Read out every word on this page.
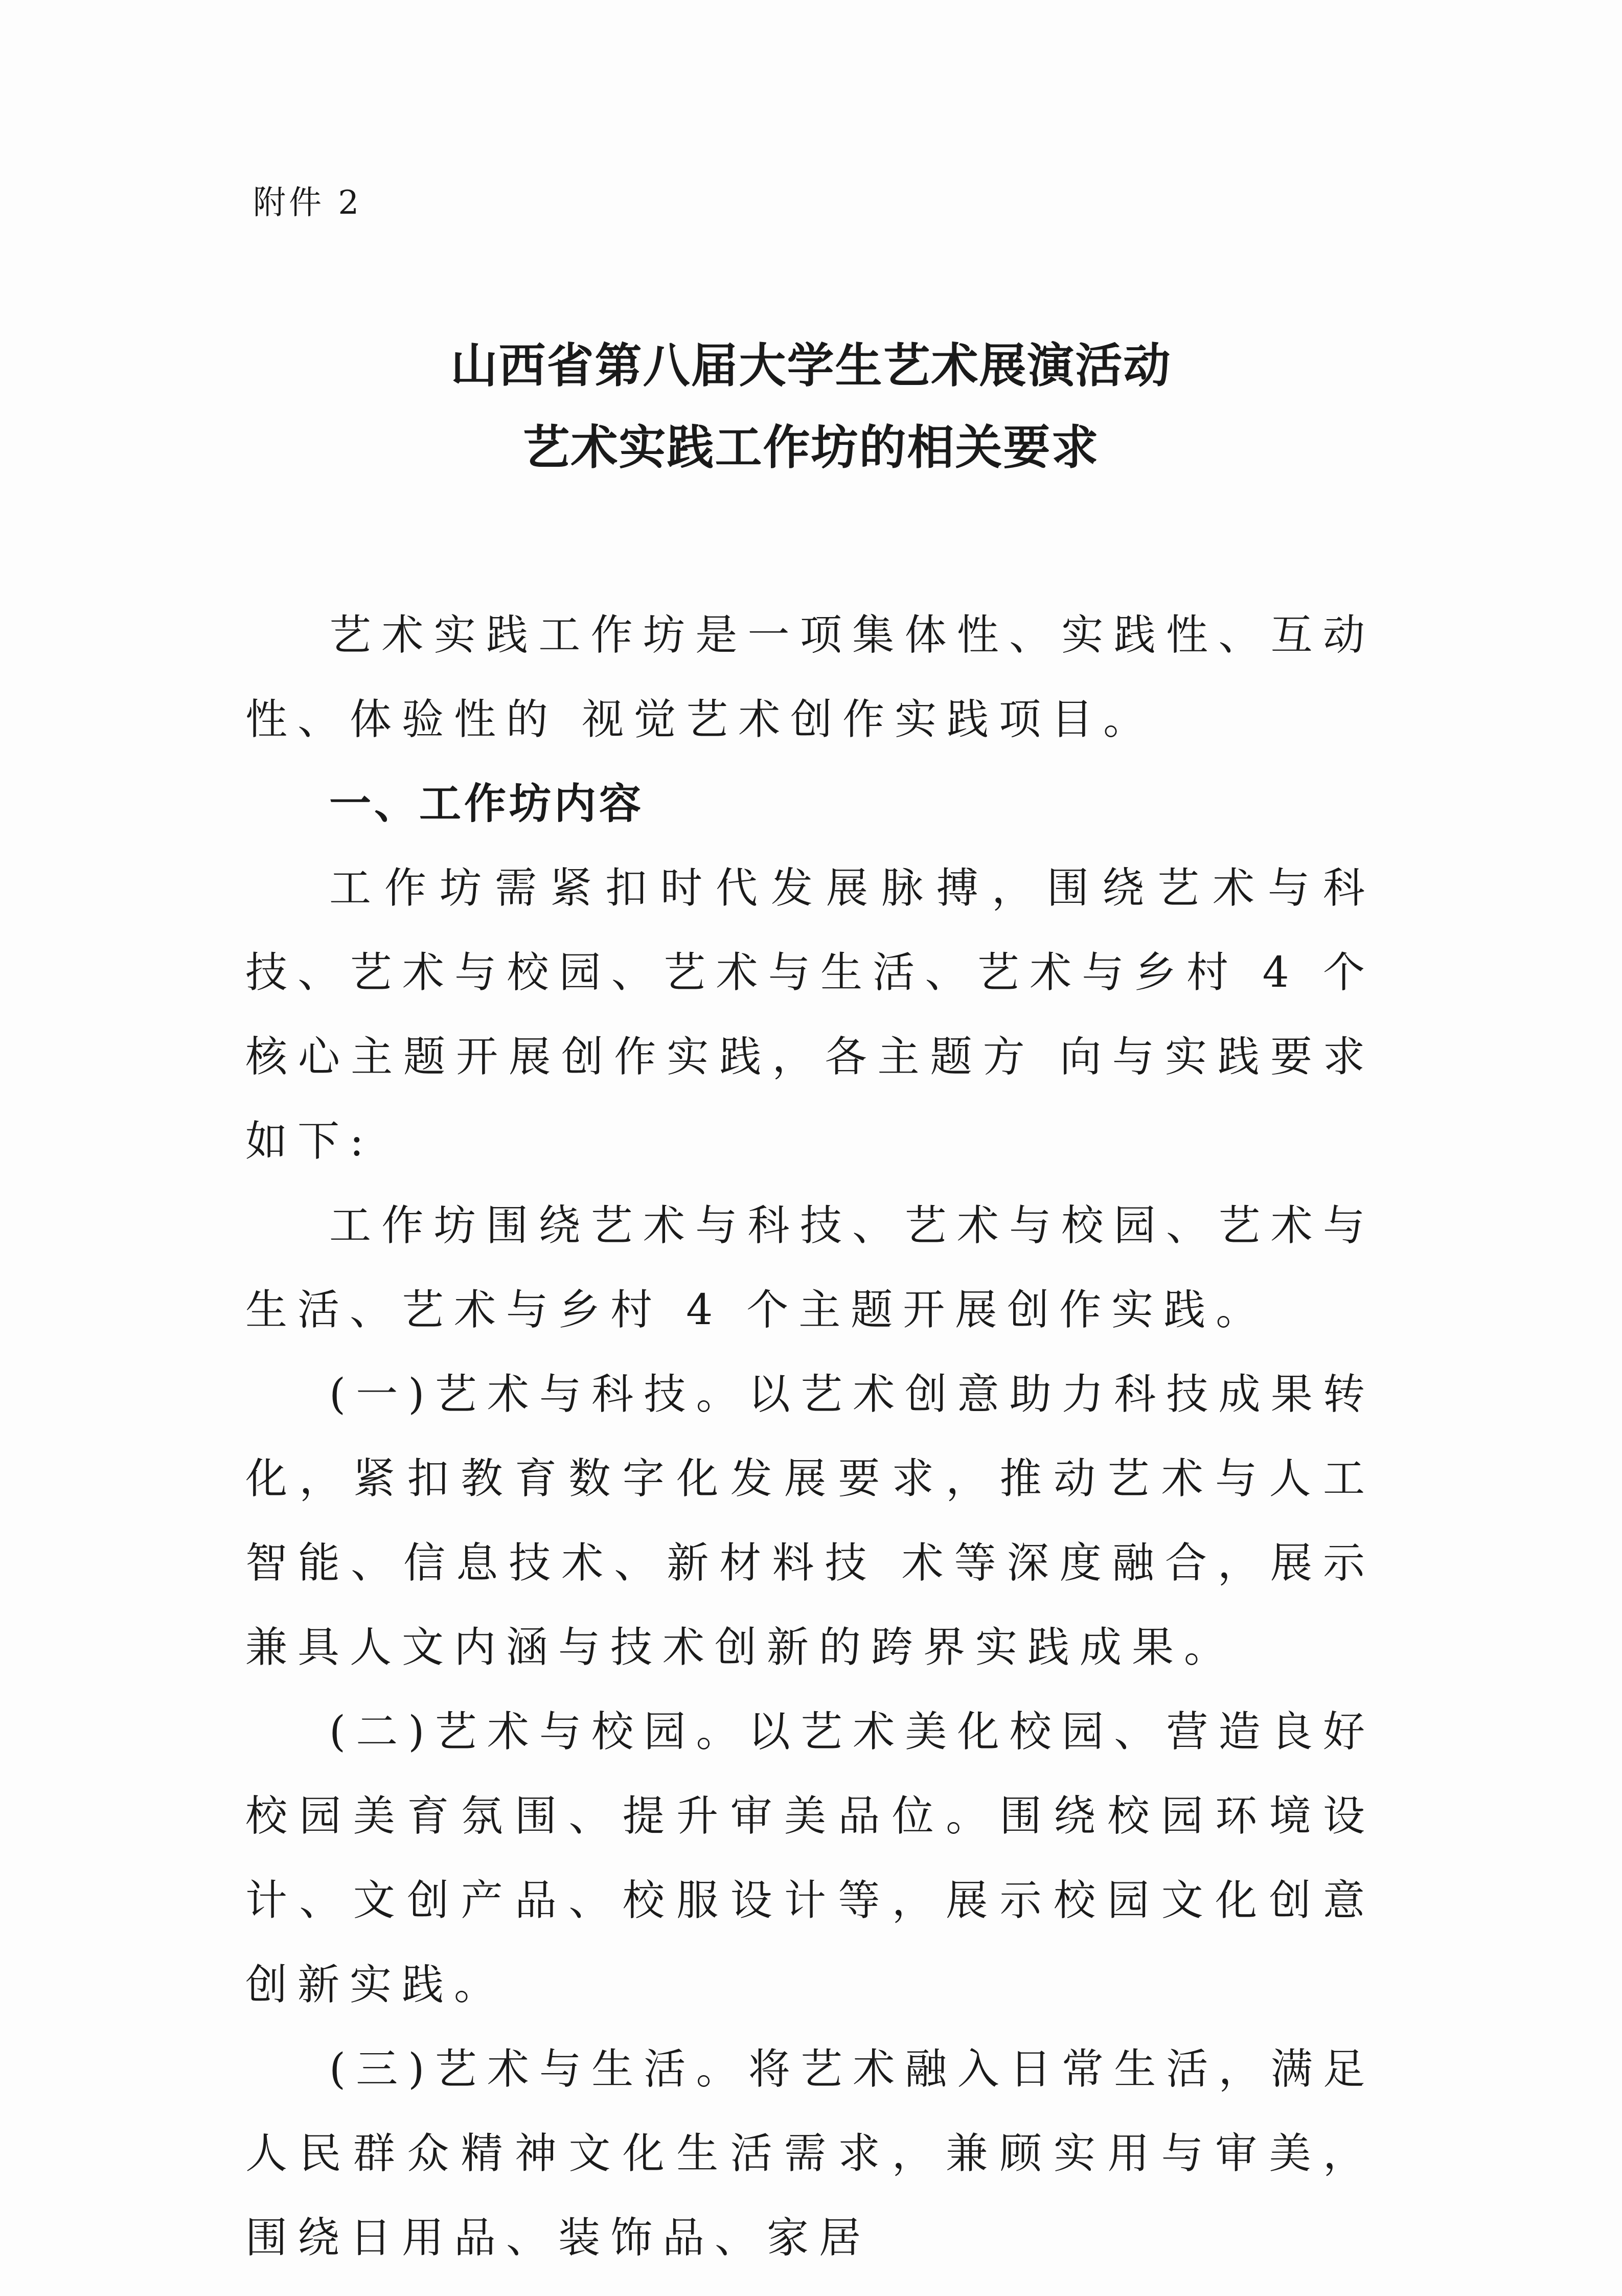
附件 2
山西省第八届大学生艺术展演活动
艺术实践工作坊的相关要求

艺术实践工作坊是一项集体性、实践性、互动性、体验性的 视觉艺术创作实践项目。

一、工作坊内容

工作坊需紧扣时代发展脉搏，围绕艺术与科技、艺术与校园、艺术与生活、艺术与乡村 4 个核心主题开展创作实践，各主题方 向与实践要求如下:

工作坊围绕艺术与科技、艺术与校园、艺术与生活、艺术与乡村 4 个主题开展创作实践。

(一)艺术与科技。以艺术创意助力科技成果转化，紧扣教育数字化发展要求，推动艺术与人工智能、信息技术、新材料技 术等深度融合，展示兼具人文内涵与技术创新的跨界实践成果。

(二)艺术与校园。以艺术美化校园、营造良好校园美育氛围、提升审美品位。围绕校园环境设计、文创产品、校服设计等，展示校园文化创意创新实践。

(三)艺术与生活。将艺术融入日常生活，满足人民群众精神文化生活需求，兼顾实用与审美，围绕日用品、装饰品、家居
